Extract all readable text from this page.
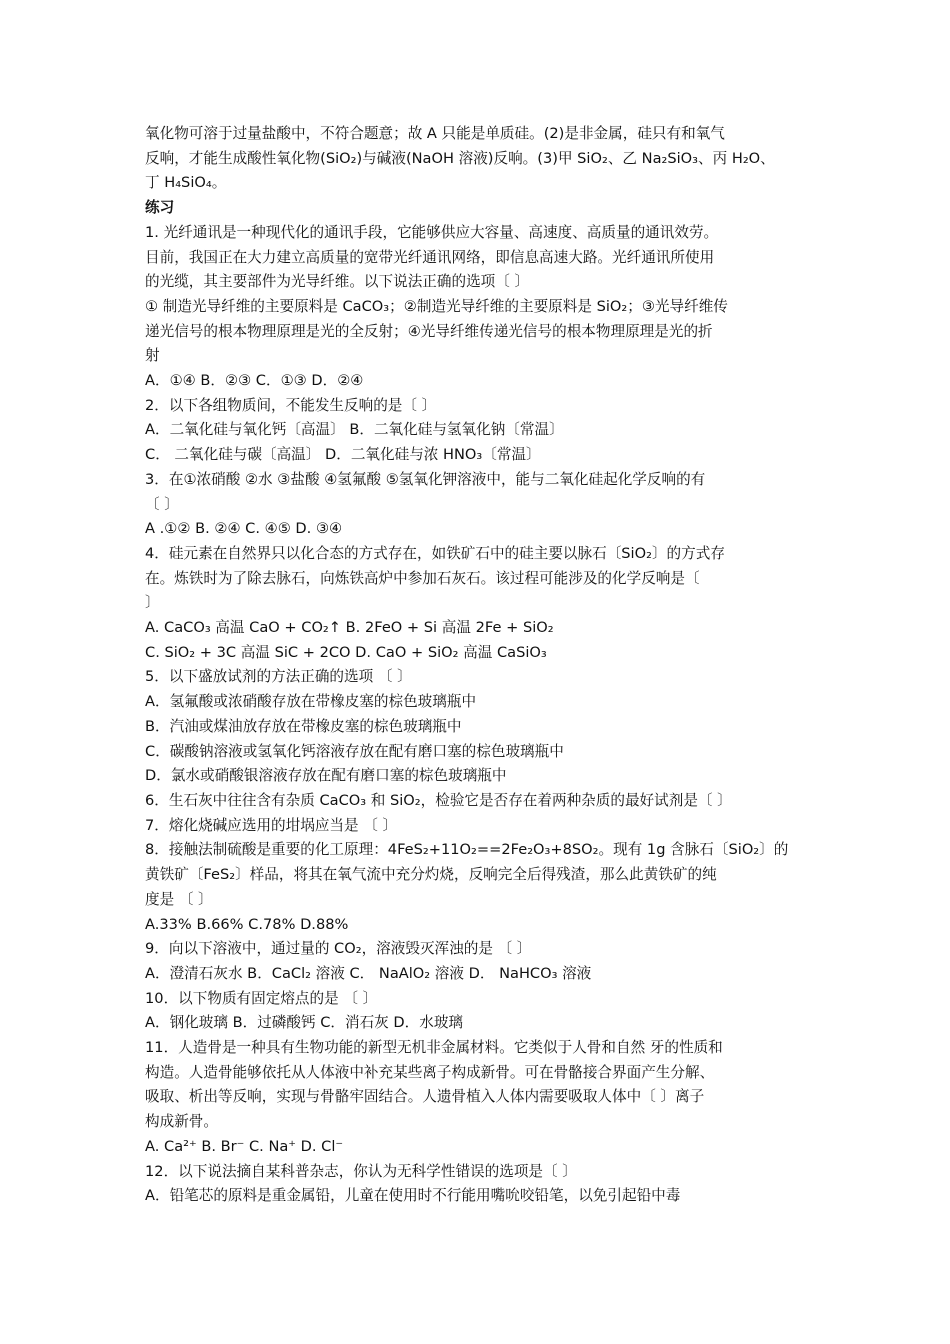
氧化物可溶于过量盐酸中，不符合题意；故 A 只能是单质硅。(2)是非金属，硅只有和氧气

反响，才能生成酸性氧化物(SiO₂)与碱液(NaOH 溶液)反响。(3)甲 SiO₂、乙 Na₂SiO₃、丙 H₂O、

丁 H₄SiO₄。

练习

1. 光纤通讯是一种现代化的通讯手段，它能够供应大容量、高速度、高质量的通讯效劳。

目前，我国正在大力建立高质量的宽带光纤通讯网络，即信息高速大路。光纤通讯所使用

的光缆，其主要部件为光导纤维。以下说法正确的选项〔 〕

① 制造光导纤维的主要原料是 CaCO₃；②制造光导纤维的主要原料是 SiO₂；③光导纤维传

递光信号的根本物理原理是光的全反射；④光导纤维传递光信号的根本物理原理是光的折

射

A．①④ B．②③ C．①③ D．②④

2．以下各组物质间，不能发生反响的是〔 〕

A．二氧化硅与氧化钙〔高温〕 B．二氧化硅与氢氧化钠〔常温〕

C． 二氧化硅与碳〔高温〕 D．二氧化硅与浓 HNO₃〔常温〕

3．在①浓硝酸 ②水 ③盐酸 ④氢氟酸 ⑤氢氧化钾溶液中，能与二氧化硅起化学反响的有

〔 〕

A .①② B. ②④ C. ④⑤ D. ③④

4．硅元素在自然界只以化合态的方式存在，如铁矿石中的硅主要以脉石〔SiO₂〕的方式存

在。炼铁时为了除去脉石，向炼铁高炉中参加石灰石。该过程可能涉及的化学反响是〔

〕

A. CaCO₃ 高温 CaO + CO₂↑ B. 2FeO + Si 高温 2Fe + SiO₂

C. SiO₂ + 3C 高温 SiC + 2CO D. CaO + SiO₂ 高温 CaSiO₃

5．以下盛放试剂的方法正确的选项 〔 〕

A．氢氟酸或浓硝酸存放在带橡皮塞的棕色玻璃瓶中

B．汽油或煤油放存放在带橡皮塞的棕色玻璃瓶中

C．碳酸钠溶液或氢氧化钙溶液存放在配有磨口塞的棕色玻璃瓶中

D．氯水或硝酸银溶液存放在配有磨口塞的棕色玻璃瓶中

6．生石灰中往往含有杂质 CaCO₃ 和 SiO₂，检验它是否存在着两种杂质的最好试剂是〔 〕

7．熔化烧碱应选用的坩埚应当是 〔 〕

8．接触法制硫酸是重要的化工原理：4FeS₂+11O₂==2Fe₂O₃+8SO₂。现有 1g 含脉石〔SiO₂〕的

黄铁矿〔FeS₂〕样品，将其在氧气流中充分灼烧，反响完全后得残渣，那么此黄铁矿的纯

度是 〔 〕

A.33% B.66% C.78% D.88%

9．向以下溶液中，通过量的 CO₂，溶液毁灭浑浊的是 〔 〕

A．澄清石灰水 B．CaCl₂ 溶液 C． NaAlO₂ 溶液 D． NaHCO₃ 溶液

10．以下物质有固定熔点的是 〔 〕

A．钢化玻璃 B．过磷酸钙 C．消石灰 D．水玻璃

11．人造骨是一种具有生物功能的新型无机非金属材料。它类似于人骨和自然 牙的性质和

构造。人造骨能够依托从人体液中补充某些离子构成新骨。可在骨骼接合界面产生分解、

吸取、析出等反响，实现与骨骼牢固结合。人遗骨植入人体内需要吸取人体中〔 〕离子

构成新骨。

A. Ca²⁺ B. Br⁻ C. Na⁺ D. Cl⁻

12．以下说法摘自某科普杂志，你认为无科学性错误的选项是〔 〕

A．铅笔芯的原料是重金属铅，儿童在使用时不行能用嘴吮咬铅笔，以免引起铅中毒
